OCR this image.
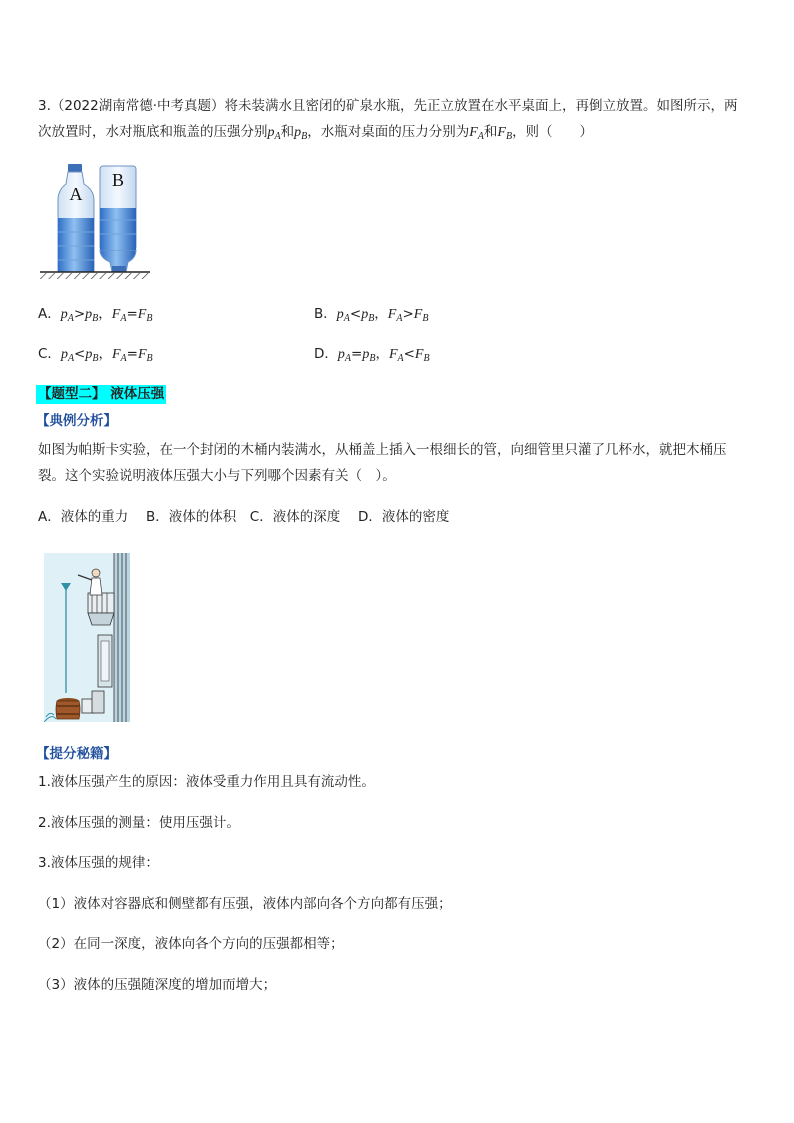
3.（2022湖南常德·中考真题）将未装满水且密闭的矿泉水瓶，先正立放置在水平桌面上，再倒立放置。如图所示，两
次放置时，水对瓶底和瓶盖的压强分别$p_A$和$p_B$，水瓶对桌面的压力分别为$F_A$和$F_B$，则（　　）
A
B
A．$p_A>p_B$，$F_A=F_B$	B．$p_A<p_B$，$F_A>F_B$
C．$p_A<p_B$，$F_A=F_B$	D．$p_A=p_B$，$F_A<F_B$
【题型二】 液体压强
【典例分析】
如图为帕斯卡实验，在一个封闭的木桶内装满水，从桶盖上插入一根细长的管，向细管里只灌了几杯水，就把木桶压
裂。这个实验说明液体压强大小与下列哪个因素有关（　）。
A．液体的重力　 B．液体的体积　C．液体的深度　 D．液体的密度
【提分秘籍】
1.液体压强产生的原因：液体受重力作用且具有流动性。
2.液体压强的测量：使用压强计。
3.液体压强的规律：
（1）液体对容器底和侧壁都有压强，液体内部向各个方向都有压强；
（2）在同一深度，液体向各个方向的压强都相等；
（3）液体的压强随深度的增加而增大；
